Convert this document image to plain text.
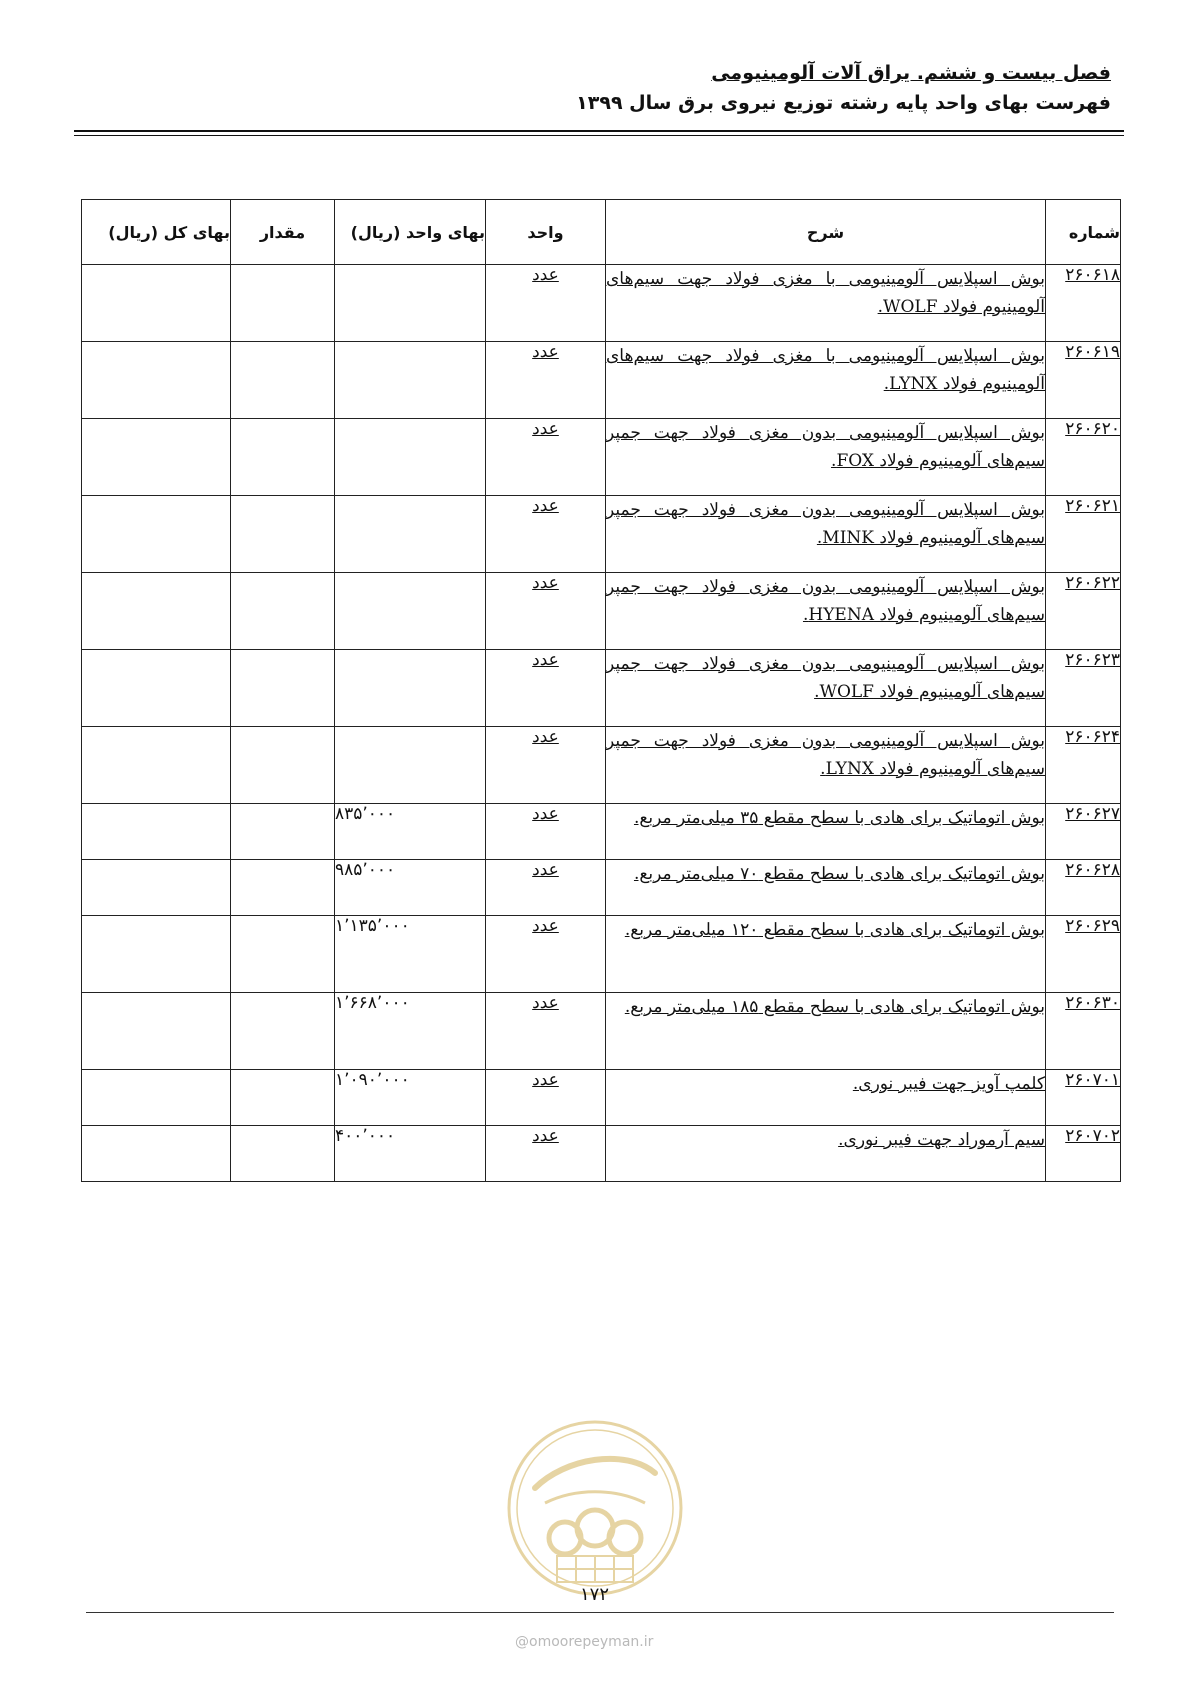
فصل بیست و ششم. یراق آلات آلومینیومی
فهرست بهای واحد پایه رشته توزیع نیروی برق سال ۱۳۹۹
شماره	شرح	واحد	بهای واحد (ریال)	مقدار	بهای کل (ریال)
۲۶۰۶۱۸	بوش اسپلایس آلومینیومی با مغزی فولاد جهت سیم‌های آلومینیوم فولاد WOLF.	عدد			
۲۶۰۶۱۹	بوش اسپلایس آلومینیومی با مغزی فولاد جهت سیم‌های آلومینیوم فولاد LYNX.	عدد			
۲۶۰۶۲۰	بوش اسپلایس آلومینیومی بدون مغزی فولاد جهت جمپر سیم‌های آلومینیوم فولاد FOX.	عدد			
۲۶۰۶۲۱	بوش اسپلایس آلومینیومی بدون مغزی فولاد جهت جمپر سیم‌های آلومینیوم فولاد MINK.	عدد			
۲۶۰۶۲۲	بوش اسپلایس آلومینیومی بدون مغزی فولاد جهت جمپر سیم‌های آلومینیوم فولاد HYENA.	عدد			
۲۶۰۶۲۳	بوش اسپلایس آلومینیومی بدون مغزی فولاد جهت جمپر سیم‌های آلومینیوم فولاد WOLF.	عدد			
۲۶۰۶۲۴	بوش اسپلایس آلومینیومی بدون مغزی فولاد جهت جمپر سیم‌های آلومینیوم فولاد LYNX.	عدد			
۲۶۰۶۲۷	بوش اتوماتیک برای هادی با سطح مقطع ۳۵ میلی‌متر مربع.	عدد	۸۳۵٬۰۰۰		
۲۶۰۶۲۸	بوش اتوماتیک برای هادی با سطح مقطع ۷۰ میلی‌متر مربع.	عدد	۹۸۵٬۰۰۰		
۲۶۰۶۲۹	بوش اتوماتیک برای هادی با سطح مقطع ۱۲۰ میلی‌متر مربع.	عدد	۱٬۱۳۵٬۰۰۰		
۲۶۰۶۳۰	بوش اتوماتیک برای هادی با سطح مقطع ۱۸۵ میلی‌متر مربع.	عدد	۱٬۶۶۸٬۰۰۰		
۲۶۰۷۰۱	کلمپ آویز جهت فیبر نوری.	عدد	۱٬۰۹۰٬۰۰۰		
۲۶۰۷۰۲	سیم آرموراد جهت فیبر نوری.	عدد	۴۰۰٬۰۰۰		
۱۷۲
@omoorepeyman.ir
